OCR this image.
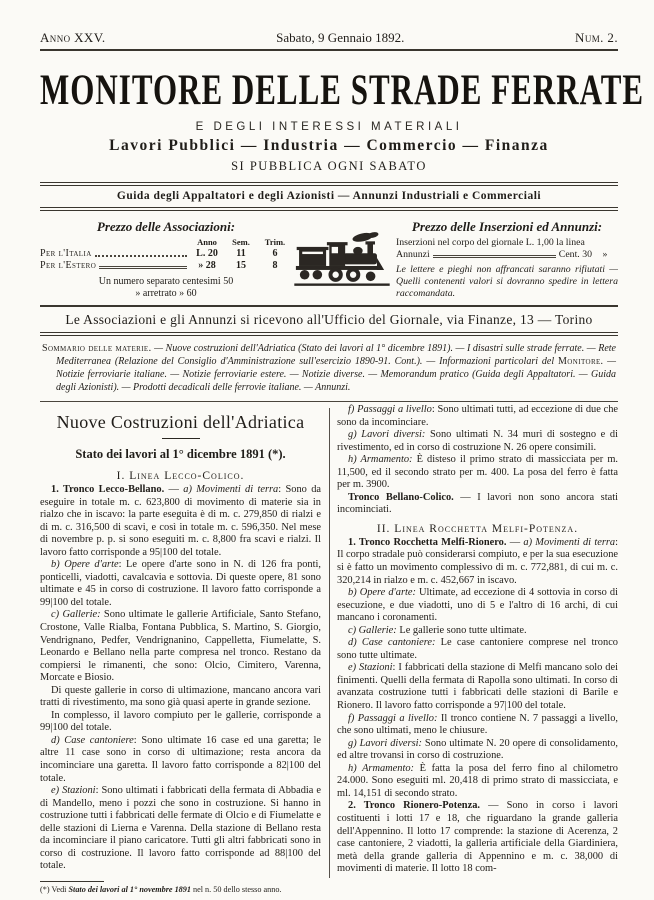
Anno XXV.	Sabato, 9 Gennaio 1892.	Num. 2.
MONITORE DELLE STRADE FERRATE
E DEGLI INTERESSI MATERIALI
Lavori Pubblici — Industria — Commercio — Finanza
SI PUBBLICA OGNI SABATO
Guida degli Appaltatori e degli Azionisti — Annunzi Industriali e Commerciali
Prezzo delle Associazioni:
Anno	Sem.	Trim.
Per l'Italia	L. 20	11	6
Per l'Estero	» 28	15	8
Un numero separato centesimi 50
» arretrato » 60
Prezzo delle Inserzioni ed Annunzi:
Inserzioni nel corpo del giornale L. 1,00 la linea
Annunzi	Cent. 30	»
Le lettere e pieghi non affrancati saranno rifiutati — Quelli contenenti valori si dovranno spedire in lettera raccomandata.
Le Associazioni e gli Annunzi si ricevono all'Ufficio del Giornale, via Finanze, 13 — Torino
Sommario delle materie. — Nuove costruzioni dell'Adriatica (Stato dei lavori al 1° dicembre 1891). — I disastri sulle strade ferrate. — Rete Mediterranea (Relazione del Consiglio d'Amministrazione sull'esercizio 1890-91. Cont.). — Informazioni particolari del Monitore. — Notizie ferroviarie italiane. — Notizie ferroviarie estere. — Notizie diverse. — Memorandum pratico (Guida degli Appaltatori. — Guida degli Azionisti). — Prodotti decadicali delle ferrovie italiane. — Annunzi.
Nuove Costruzioni dell'Adriatica
Stato dei lavori al 1° dicembre 1891 (*).
I. Linea Lecco-Colico.

1. Tronco Lecco-Bellano. — a) Movimenti di terra: Sono da eseguire in totale m. c. 623,800 di movimento di materie sia in rialzo che in iscavo: la parte eseguita è di m. c. 279,850 di rialzi e di m. c. 316,500 di scavi, e così in totale m. c. 596,350. Nel mese di novembre p. p. si sono eseguiti m. c. 8,800 fra scavi e rialzi. Il lavoro fatto corrisponde a 95|100 del totale.

b) Opere d'arte: Le opere d'arte sono in N. di 126 fra ponti, ponticelli, viadotti, cavalcavia e sottovia. Di queste opere, 81 sono ultimate e 45 in corso di costruzione. Il lavoro fatto corrisponde a 99|100 del totale.

c) Gallerie: Sono ultimate le gallerie Artificiale, Santo Stefano, Crostone, Valle Rialba, Fontana Pubblica, S. Martino, S. Giorgio, Vendrignano, Pedfer, Vendrignanino, Cappelletta, Fiumelatte, S. Leonardo e Bellano nella parte compresa nel tronco. Restano da compiersi le rimanenti, che sono: Olcio, Cimitero, Varenna, Morcate e Biosio.

Di queste gallerie in corso di ultimazione, mancano ancora vari tratti di rivestimento, ma sono già quasi aperte in grande sezione.

In complesso, il lavoro compiuto per le gallerie, corrisponde a 99|100 del totale.

d) Case cantoniere: Sono ultimate 16 case ed una garetta; le altre 11 case sono in corso di ultimazione; resta ancora da incominciare una garetta. Il lavoro fatto corrisponde a 82|100 del totale.

e) Stazioni: Sono ultimati i fabbricati della fermata di Abbadia e di Mandello, meno i pozzi che sono in costruzione. Si hanno in costruzione tutti i fabbricati delle fermate di Olcio e di Fiumelatte e delle stazioni di Lierna e Varenna. Della stazione di Bellano resta da incominciare il piano caricatore. Tutti gli altri fabbricati sono in corso di costruzione. Il lavoro fatto corrisponde ad 88|100 del totale.

(*) Vedi Stato dei lavori al 1° novembre 1891 nel n. 50 dello stesso anno.

f) Passaggi a livello: Sono ultimati tutti, ad eccezione di due che sono da incominciare.

g) Lavori diversi: Sono ultimati N. 34 muri di sostegno e di rivestimento, ed in corso di costruzione N. 26 opere consimili.

h) Armamento: È disteso il primo strato di massicciata per m. 11,500, ed il secondo strato per m. 400. La posa del ferro è fatta per m. 3900.

Tronco Bellano-Colico. — I lavori non sono ancora stati incominciati.

II. Linea Rocchetta Melfi-Potenza.

1. Tronco Rocchetta Melfi-Rionero. — a) Movimenti di terra: Il corpo stradale può considerarsi compiuto, e per la sua esecuzione si è fatto un movimento complessivo di m. c. 772,881, di cui m. c. 320,214 in rialzo e m. c. 452,667 in iscavo.

b) Opere d'arte: Ultimate, ad eccezione di 4 sottovia in corso di esecuzione, e due viadotti, uno di 5 e l'altro di 16 archi, di cui mancano i coronamenti.

c) Gallerie: Le gallerie sono tutte ultimate.

d) Case cantoniere: Le case cantoniere comprese nel tronco sono tutte ultimate.

e) Stazioni: I fabbricati della stazione di Melfi mancano solo dei finimenti. Quelli della fermata di Rapolla sono ultimati. In corso di avanzata costruzione tutti i fabbricati delle stazioni di Barile e Rionero. Il lavoro fatto corrisponde a 97|100 del totale.

f) Passaggi a livello: Il tronco contiene N. 7 passaggi a livello, che sono ultimati, meno le chiusure.

g) Lavori diversi: Sono ultimate N. 20 opere di consolidamento, ed altre trovansi in corso di costruzione.

h) Armamento: È fatta la posa del ferro fino al chilometro 24.000. Sono eseguiti ml. 20,418 di primo strato di massicciata, e ml. 14,151 di secondo strato.

2. Tronco Rionero-Potenza. — Sono in corso i lavori costituenti i lotti 17 e 18, che riguardano la grande galleria dell'Appennino. Il lotto 17 comprende: la stazione di Acerenza, 2 case cantoniere, 2 viadotti, la galleria artificiale della Giardiniera, metà della grande galleria di Appennino e m. c. 38,000 di movimenti di materie. Il lotto 18 com-
